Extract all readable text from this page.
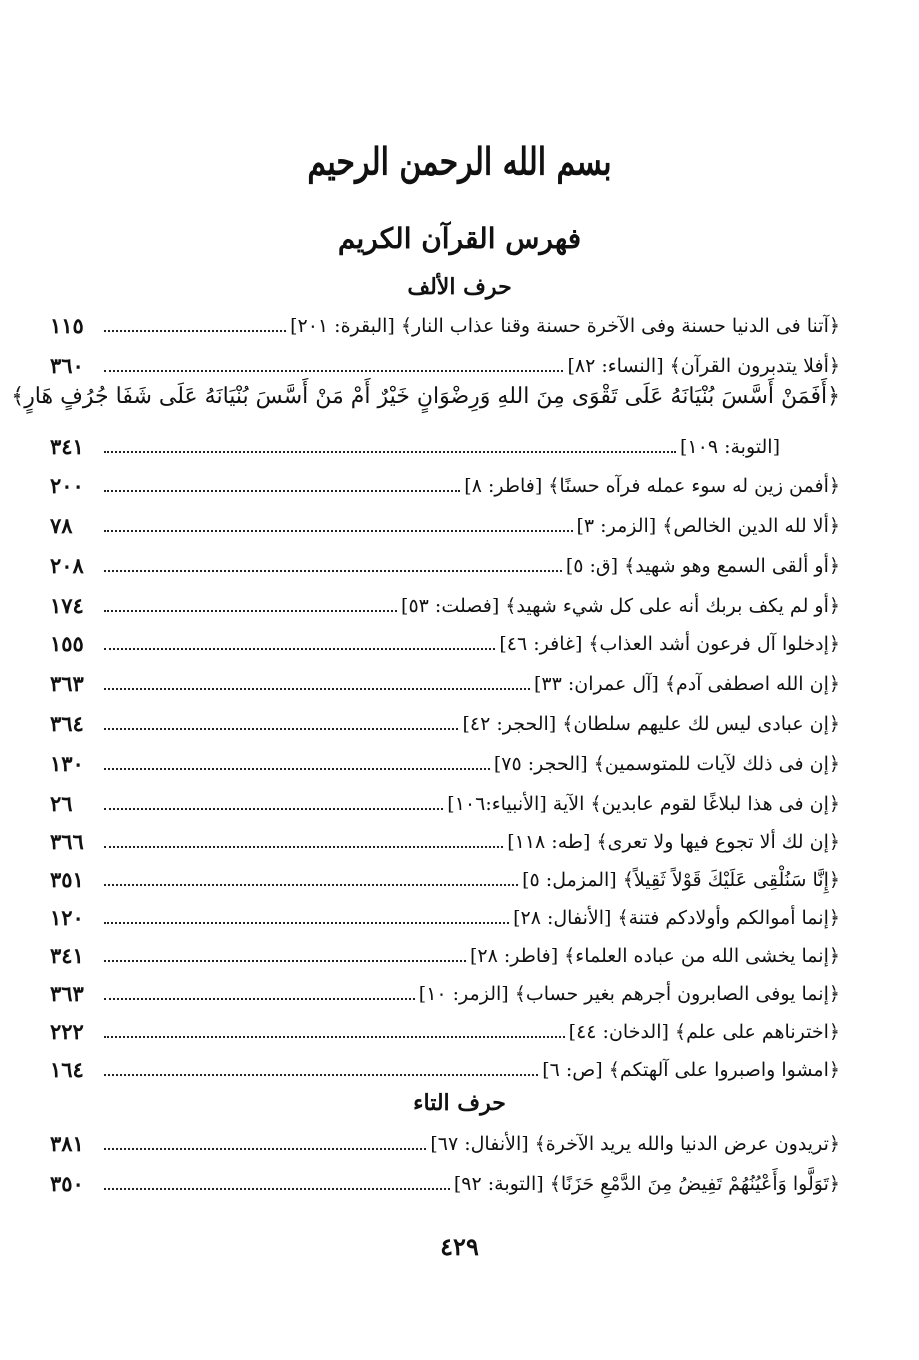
بسم الله الرحمن الرحيم
فهرس القرآن الكريم
حرف الألف
﴿آتنا فى الدنيا حسنة وفى الآخرة حسنة وقنا عذاب النار﴾ [البقرة: ٢٠١]
١١٥
﴿أفلا يتدبرون القرآن﴾ [النساء: ٨٢]
٣٦٠
﴿أَفَمَنْ أَسَّسَ بُنْيَانَهُ عَلَى تَقْوَى مِنَ اللهِ وَرِضْوَانٍ خَيْرٌ أَمْ مَنْ أَسَّسَ بُنْيَانَهُ عَلَى شَفَا جُرُفٍ هَارٍ﴾
[التوبة: ١٠٩]
٣٤١
﴿أفمن زين له سوء عمله فرآه حسنًا﴾ [فاطر: ٨]
٢٠٠
﴿ألا لله الدين الخالص﴾ [الزمر: ٣]
٧٨
﴿أو ألقى السمع وهو شهيد﴾ [ق: ٥]
٢٠٨
﴿أو لم يكف بربك أنه على كل شيء شهيد﴾ [فصلت: ٥٣]
١٧٤
﴿إدخلوا آل فرعون أشد العذاب﴾ [غافر: ٤٦]
١٥٥
﴿إن الله اصطفى آدم﴾ [آل عمران: ٣٣]
٣٦٣
﴿إن عبادى ليس لك عليهم سلطان﴾ [الحجر: ٤٢]
٣٦٤
﴿إن فى ذلك لآيات للمتوسمين﴾ [الحجر: ٧٥]
١٣٠
﴿إن فى هذا لبلاغًا لقوم عابدين﴾ الآية [الأنبياء:١٠٦]
٢٦
﴿إن لك ألا تجوع فيها ولا تعرى﴾ [طه: ١١٨]
٣٦٦
﴿إِنَّا سَنُلْقِى عَلَيْكَ قَوْلاً ثَقِيلاً﴾ [المزمل: ٥]
٣٥١
﴿إنما أموالكم وأولادكم فتنة﴾ [الأنفال: ٢٨]
١٢٠
﴿إنما يخشى الله من عباده العلماء﴾ [فاطر: ٢٨]
٣٤١
﴿إنما يوفى الصابرون أجرهم بغير حساب﴾ [الزمر: ١٠]
٣٦٣
﴿اخترناهم على علم﴾ [الدخان: ٤٤]
٢٢٢
﴿امشوا واصبروا على آلهتكم﴾ [ص: ٦]
١٦٤
حرف التاء
﴿تريدون عرض الدنيا والله يريد الآخرة﴾ [الأنفال: ٦٧]
٣٨١
﴿تَوَلَّوا وَأَعْيُنُهُمْ تَفِيضُ مِنَ الدَّمْعِ حَزَنًا﴾ [التوبة: ٩٢]
٣٥٠
٤٢٩
